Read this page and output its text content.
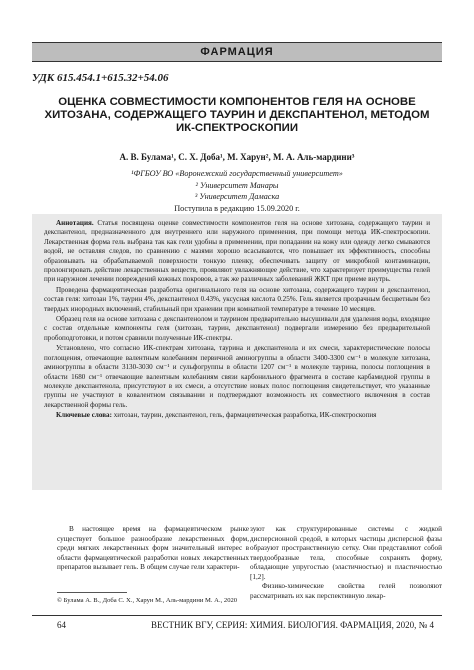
ФАРМАЦИЯ
УДК 615.454.1+615.32+54.06
ОЦЕНКА СОВМЕСТИМОСТИ КОМПОНЕНТОВ ГЕЛЯ НА ОСНОВЕ ХИТОЗАНА, СОДЕРЖАЩЕГО ТАУРИН И ДЕКСПАНТЕНОЛ, МЕТОДОМ ИК-СПЕКТРОСКОПИИ
А. В. Булама¹, С. Х. Доба¹, М. Харун², М. А. Аль-мардини³
¹ФГБОУ ВО «Воронежский государственный университет»
² Университет Манары
³ Университет Дамаска
Поступила в редакцию 15.09.2020 г.

Аннотация. Статья посвящена оценке совместимости компонентов геля на основе хитозана, содержащего таурин и декспантенол, предназначенного для внутреннего или наружного применения, при помощи метода ИК-спектроскопии. Лекарственная форма гель выбрана так как гели удобны в применении, при попадании на кожу или одежду легко смываются водой, не оставляя следов, по сравнению с мазями хорошо всасываются, что повышает их эффективность, способны образовывать на обрабатываемой поверхности тонкую пленку, обеспечивать защиту от микробной контаминации, пролонгировать действие лекарственных веществ, проявляют увлажняющее действие, что характеризует преимущества гелей при наружном лечении повреждений кожных покровов, а так же различных заболеваний ЖКТ при приеме внутрь.

Проведена фармацевтическая разработка оригинального геля на основе хитозана, содержащего таурин и декспантенол, состав геля: хитозан 1%, таурин 4%, декспантенол 0.43%, уксусная кислота 0.25%. Гель является прозрачным бесцветным без твердых инородных включений, стабильный при хранении при комнатной температуре в течение 10 месяцев.

Образец геля на основе хитозана с декспантенолом и таурином предварительно высушивали для удаления воды, входящие с состав отдельные компоненты геля (хитозан, таурин, декспантенол) подвергали измерению без предварительной пробоподготовки, и потом сравнили полученные ИК-спектры.

Установлено, что согласно ИК-спектрам хитозана, таурина и декспантенола и их смеси, характеристические полосы поглощения, отвечающие валентным колебаниям первичной аминогруппы в области 3400-3300 см⁻¹ в молекуле хитозана, аминогруппы в области 3130-3030 см⁻¹ и сульфогруппы в области 1207 см⁻¹ в молекуле таурина, полосы поглощения в области 1680 см⁻¹ отвечающие валентным колебаниям связи карбонильного фрагмента в составе карбамидной группы в молекуле декспантенола, присутствуют в их смеси, а отсутствие новых полос поглощения свидетельствует, что указанные группы не участвуют в ковалентном связывании и подтверждают возможность их совместного включения в состав лекарственной формы гель.

Ключевые слова: хитозан, таурин, декспантенол, гель, фармацевтическая разработка, ИК-спектроскопия

В настоящее время на фармацевтическом рынке существует большое разнообразие лекарственных форм, среди мягких лекарственных форм значительный интерес в области фармацевтической разработки новых лекарственных препаратов вызывает гель. В общем случае гели характери-

зуют как структурированные системы с жидкой дисперсионной средой, в которых частицы дисперсной фазы образуют пространственную сетку. Они представляют собой твердообразные тела, способные сохранять форму, обладающие упругостью (эластичностью) и пластичностью [1,2].

Физико-химические свойства гелей позволяют рассматривать их как перспективную лекар-

© Булама А. В., Доба С. Х., Харун М., Аль-мардини М. А., 2020
64	ВЕСТНИК ВГУ, СЕРИЯ: ХИМИЯ. БИОЛОГИЯ. ФАРМАЦИЯ, 2020, № 4
